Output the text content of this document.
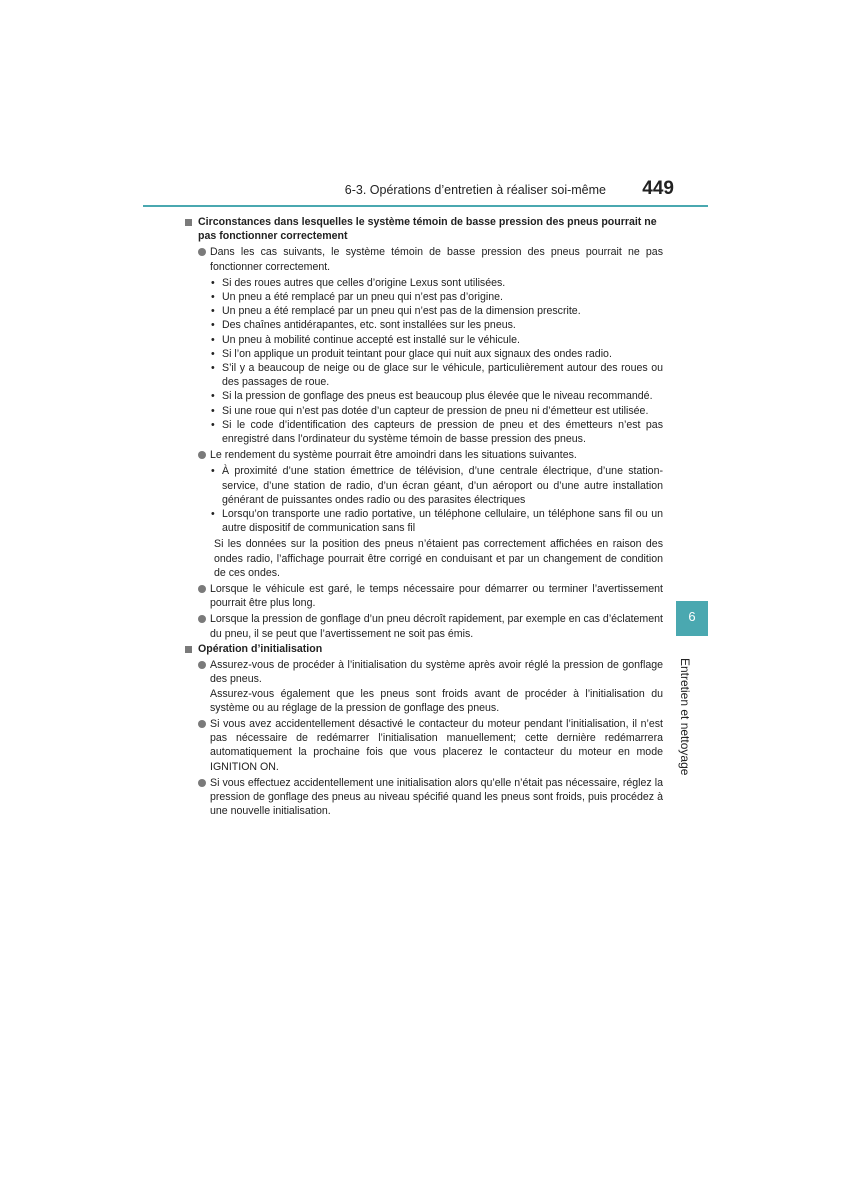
6-3. Opérations d’entretien à réaliser soi-même	449
6
Entretien et nettoyage
Circonstances dans lesquelles le système témoin de basse pression des pneus pourrait ne pas fonctionner correctement
Dans les cas suivants, le système témoin de basse pression des pneus pourrait ne pas fonctionner correctement.
• Si des roues autres que celles d’origine Lexus sont utilisées.
• Un pneu a été remplacé par un pneu qui n’est pas d’origine.
• Un pneu a été remplacé par un pneu qui n’est pas de la dimension prescrite.
• Des chaînes antidérapantes, etc. sont installées sur les pneus.
• Un pneu à mobilité continue accepté est installé sur le véhicule.
• Si l’on applique un produit teintant pour glace qui nuit aux signaux des ondes radio.
• S’il y a beaucoup de neige ou de glace sur le véhicule, particulièrement autour des roues ou des passages de roue.
• Si la pression de gonflage des pneus est beaucoup plus élevée que le niveau recommandé.
• Si une roue qui n’est pas dotée d’un capteur de pression de pneu ni d’émetteur est utilisée.
• Si le code d’identification des capteurs de pression de pneu et des émetteurs n’est pas enregistré dans l’ordinateur du système témoin de basse pression des pneus.
Le rendement du système pourrait être amoindri dans les situations suivantes.
• À proximité d’une station émettrice de télévision, d’une centrale électrique, d’une station-service, d’une station de radio, d’un écran géant, d’un aéroport ou d’une autre installation générant de puissantes ondes radio ou des parasites électriques
• Lorsqu’on transporte une radio portative, un téléphone cellulaire, un téléphone sans fil ou un autre dispositif de communication sans fil
Si les données sur la position des pneus n’étaient pas correctement affichées en raison des ondes radio, l’affichage pourrait être corrigé en conduisant et par un changement de condition de ces ondes.
Lorsque le véhicule est garé, le temps nécessaire pour démarrer ou terminer l’avertissement pourrait être plus long.
Lorsque la pression de gonflage d’un pneu décroît rapidement, par exemple en cas d’éclatement du pneu, il se peut que l’avertissement ne soit pas émis.
Opération d’initialisation
Assurez-vous de procéder à l’initialisation du système après avoir réglé la pression de gonflage des pneus.
Assurez-vous également que les pneus sont froids avant de procéder à l’initialisation du système ou au réglage de la pression de gonflage des pneus.
Si vous avez accidentellement désactivé le contacteur du moteur pendant l’initialisation, il n’est pas nécessaire de redémarrer l’initialisation manuellement; cette dernière redémarrera automatiquement la prochaine fois que vous placerez le contacteur du moteur en mode IGNITION ON.
Si vous effectuez accidentellement une initialisation alors qu’elle n’était pas nécessaire, réglez la pression de gonflage des pneus au niveau spécifié quand les pneus sont froids, puis procédez à une nouvelle initialisation.
